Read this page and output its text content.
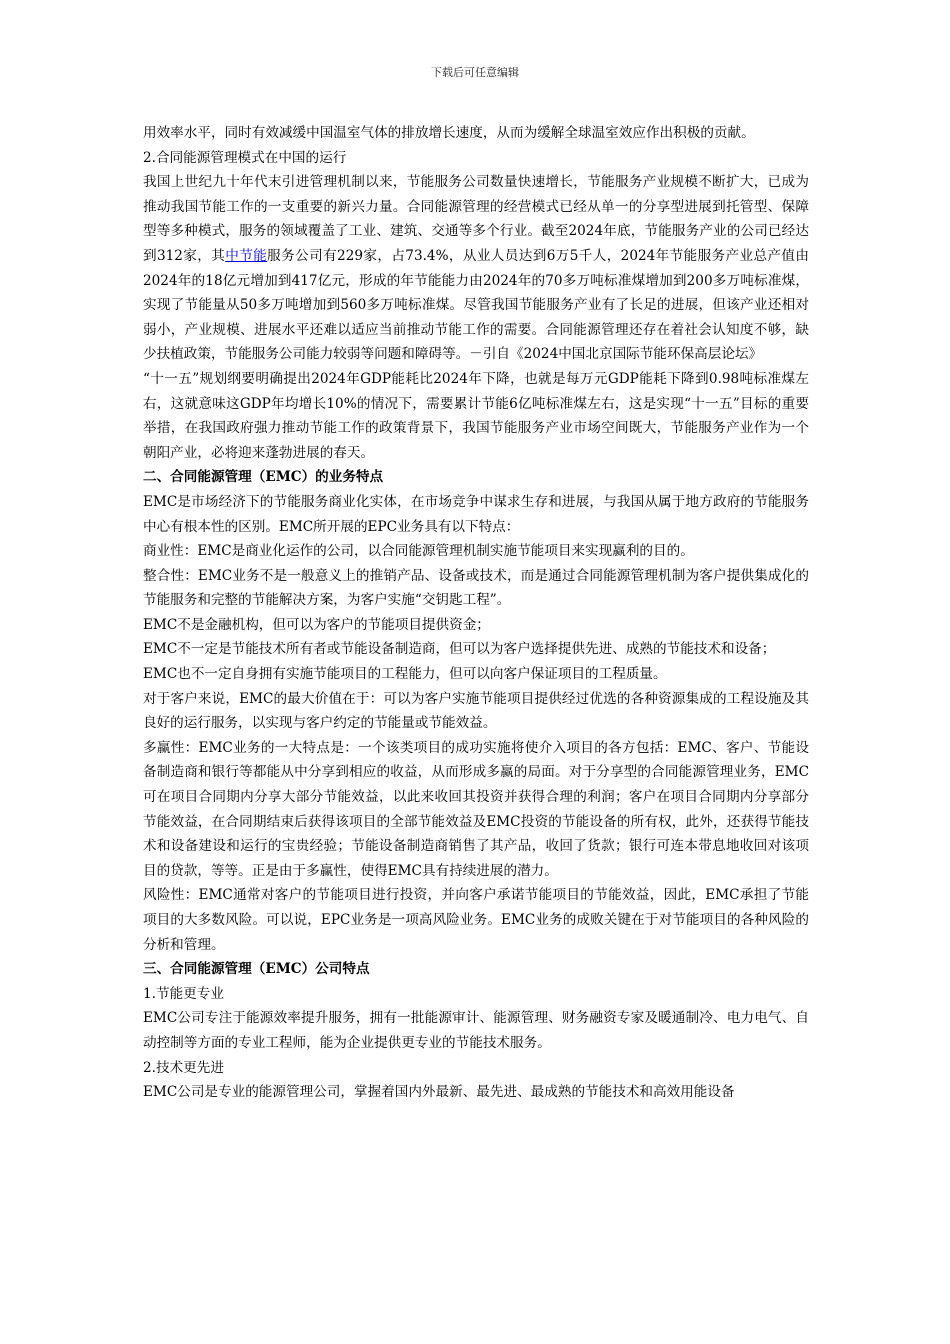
下载后可任意编辑

用效率水平，同时有效减缓中国温室气体的排放增长速度，从而为缓解全球温室效应作出积极的贡献。

2.合同能源管理模式在中国的运行

我国上世纪九十年代末引进管理机制以来，节能服务公司数量快速增长，节能服务产业规模不断扩大，已成为推动我国节能工作的一支重要的新兴力量。合同能源管理的经营模式已经从单一的分享型进展到托管型、保障型等多种模式，服务的领域覆盖了工业、建筑、交通等多个行业。截至2024年底，节能服务产业的公司已经达到312家，其中节能服务公司有229家，占73.4%，从业人员达到6万5千人，2024年节能服务产业总产值由2024年的18亿元增加到417亿元，形成的年节能能力由2024年的70多万吨标准煤增加到200多万吨标准煤，实现了节能量从50多万吨增加到560多万吨标准煤。尽管我国节能服务产业有了长足的进展，但该产业还相对弱小，产业规模、进展水平还难以适应当前推动节能工作的需要。合同能源管理还存在着社会认知度不够，缺少扶植政策，节能服务公司能力较弱等问题和障碍等。－引自《2024中国北京国际节能环保高层论坛》

“十一五”规划纲要明确提出2024年GDP能耗比2024年下降，也就是每万元GDP能耗下降到0.98吨标准煤左右，这就意味这GDP年均增长10%的情况下，需要累计节能6亿吨标准煤左右，这是实现“十一五”目标的重要举措，在我国政府强力推动节能工作的政策背景下，我国节能服务产业市场空间既大，节能服务产业作为一个朝阳产业，必将迎来蓬勃进展的春天。

二、合同能源管理（EMC）的业务特点

EMC是市场经济下的节能服务商业化实体，在市场竞争中谋求生存和进展，与我国从属于地方政府的节能服务中心有根本性的区别。EMC所开展的EPC业务具有以下特点：

商业性：EMC是商业化运作的公司，以合同能源管理机制实施节能项目来实现赢利的目的。

整合性：EMC业务不是一般意义上的推销产品、设备或技术，而是通过合同能源管理机制为客户提供集成化的节能服务和完整的节能解决方案，为客户实施“交钥匙工程”。

EMC不是金融机构，但可以为客户的节能项目提供资金；

EMC不一定是节能技术所有者或节能设备制造商，但可以为客户选择提供先进、成熟的节能技术和设备；

EMC也不一定自身拥有实施节能项目的工程能力，但可以向客户保证项目的工程质量。

对于客户来说，EMC的最大价值在于：可以为客户实施节能项目提供经过优选的各种资源集成的工程设施及其良好的运行服务，以实现与客户约定的节能量或节能效益。

多赢性：EMC业务的一大特点是：一个该类项目的成功实施将使介入项目的各方包括：EMC、客户、节能设备制造商和银行等都能从中分享到相应的收益，从而形成多赢的局面。对于分享型的合同能源管理业务，EMC可在项目合同期内分享大部分节能效益，以此来收回其投资并获得合理的利润；客户在项目合同期内分享部分节能效益，在合同期结束后获得该项目的全部节能效益及EMC投资的节能设备的所有权，此外，还获得节能技术和设备建设和运行的宝贵经验；节能设备制造商销售了其产品，收回了货款；银行可连本带息地收回对该项目的贷款，等等。正是由于多赢性，使得EMC具有持续进展的潜力。

风险性：EMC通常对客户的节能项目进行投资，并向客户承诺节能项目的节能效益，因此，EMC承担了节能项目的大多数风险。可以说，EPC业务是一项高风险业务。EMC业务的成败关键在于对节能项目的各种风险的分析和管理。

三、合同能源管理（EMC）公司特点

1.节能更专业

EMC公司专注于能源效率提升服务，拥有一批能源审计、能源管理、财务融资专家及暖通制冷、电力电气、自动控制等方面的专业工程师，能为企业提供更专业的节能技术服务。

2.技术更先进

EMC公司是专业的能源管理公司，掌握着国内外最新、最先进、最成熟的节能技术和高效用能设备
